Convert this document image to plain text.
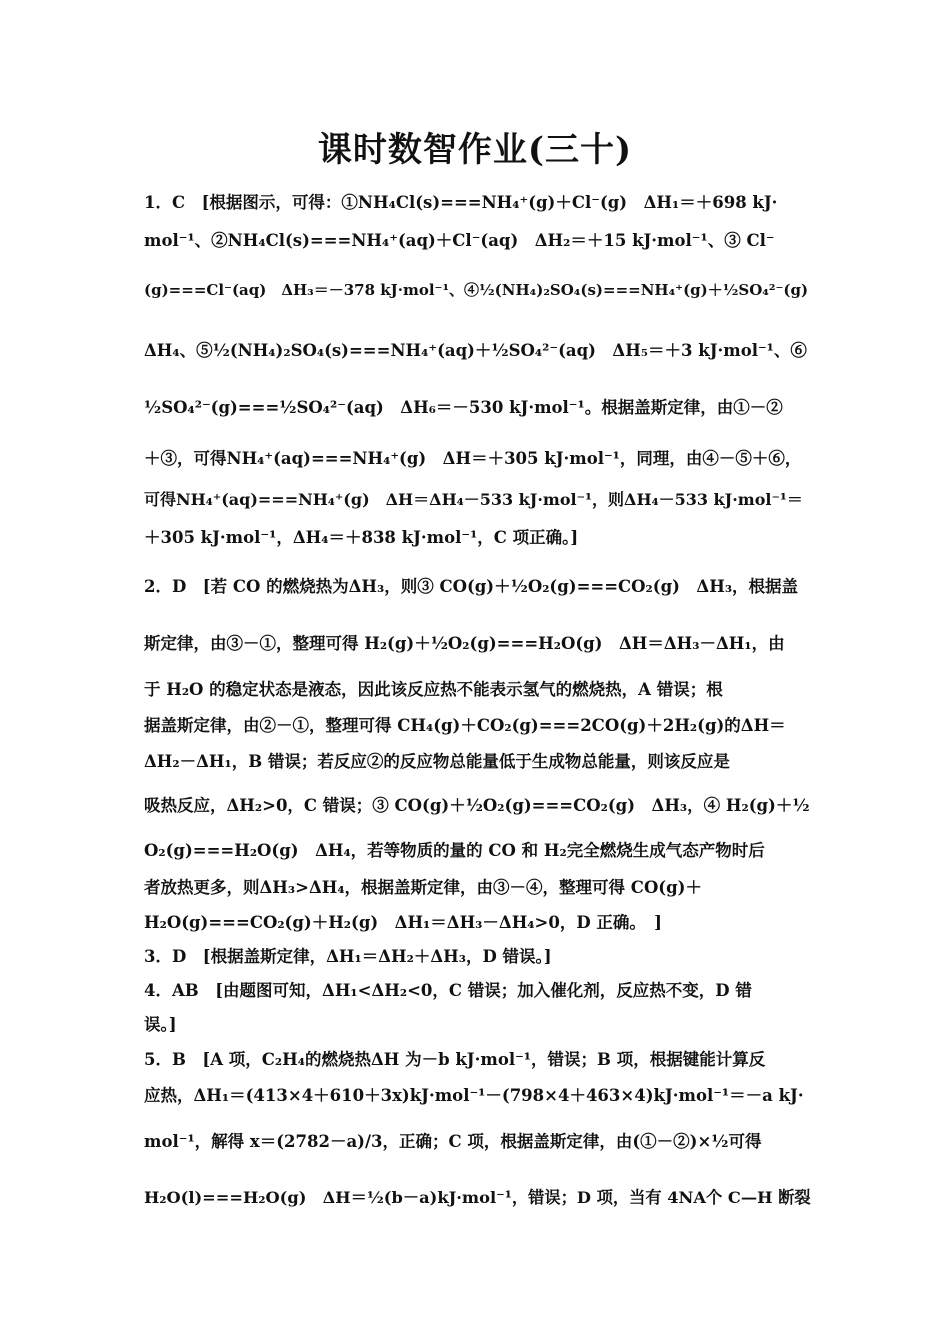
课时数智作业(三十)
1．C　[根据图示，可得：①NH₄Cl(s)===NH₄⁺(g)＋Cl⁻(g)　ΔH₁＝＋698 kJ·
mol⁻¹、②NH₄Cl(s)===NH₄⁺(aq)＋Cl⁻(aq)　ΔH₂＝＋15 kJ·mol⁻¹、③ Cl⁻
(g)===Cl⁻(aq)　ΔH₃＝－378 kJ·mol⁻¹、④½(NH₄)₂SO₄(s)===NH₄⁺(g)＋½SO₄²⁻(g)
ΔH₄、⑤½(NH₄)₂SO₄(s)===NH₄⁺(aq)＋½SO₄²⁻(aq)　ΔH₅＝＋3 kJ·mol⁻¹、⑥
½SO₄²⁻(g)===½SO₄²⁻(aq)　ΔH₆＝－530 kJ·mol⁻¹。根据盖斯定律，由①－②
＋③，可得NH₄⁺(aq)===NH₄⁺(g)　ΔH＝＋305 kJ·mol⁻¹，同理，由④－⑤＋⑥，
可得NH₄⁺(aq)===NH₄⁺(g)　ΔH＝ΔH₄－533 kJ·mol⁻¹，则ΔH₄－533 kJ·mol⁻¹＝
＋305 kJ·mol⁻¹，ΔH₄＝＋838 kJ·mol⁻¹，C 项正确。]
2．D　[若 CO 的燃烧热为ΔH₃，则③ CO(g)＋½O₂(g)===CO₂(g)　ΔH₃，根据盖
斯定律，由③－①，整理可得 H₂(g)＋½O₂(g)===H₂O(g)　ΔH＝ΔH₃－ΔH₁，由
于 H₂O 的稳定状态是液态，因此该反应热不能表示氢气的燃烧热，A 错误；根
据盖斯定律，由②－①，整理可得 CH₄(g)＋CO₂(g)===2CO(g)＋2H₂(g)的ΔH＝
ΔH₂－ΔH₁，B 错误；若反应②的反应物总能量低于生成物总能量，则该反应是
吸热反应，ΔH₂>0，C 错误；③ CO(g)＋½O₂(g)===CO₂(g)　ΔH₃，④ H₂(g)＋½
O₂(g)===H₂O(g)　ΔH₄，若等物质的量的 CO 和 H₂完全燃烧生成气态产物时后
者放热更多，则ΔH₃>ΔH₄，根据盖斯定律，由③－④，整理可得 CO(g)＋
H₂O(g)===CO₂(g)＋H₂(g)　ΔH₁＝ΔH₃－ΔH₄>0，D 正确。　]
3．D　[根据盖斯定律，ΔH₁＝ΔH₂＋ΔH₃，D 错误。]
4．AB　[由题图可知，ΔH₁<ΔH₂<0，C 错误；加入催化剂，反应热不变，D 错
误。]
5．B　[A 项，C₂H₄的燃烧热ΔH 为－b kJ·mol⁻¹，错误；B 项，根据键能计算反
应热，ΔH₁＝(413×4＋610＋3x)kJ·mol⁻¹－(798×4＋463×4)kJ·mol⁻¹＝－a kJ·
mol⁻¹，解得 x＝(2782－a)/3，正确；C 项，根据盖斯定律，由(①－②)×½可得
H₂O(l)===H₂O(g)　ΔH＝½(b－a)kJ·mol⁻¹，错误；D 项，当有 4NA个 C—H 断裂
